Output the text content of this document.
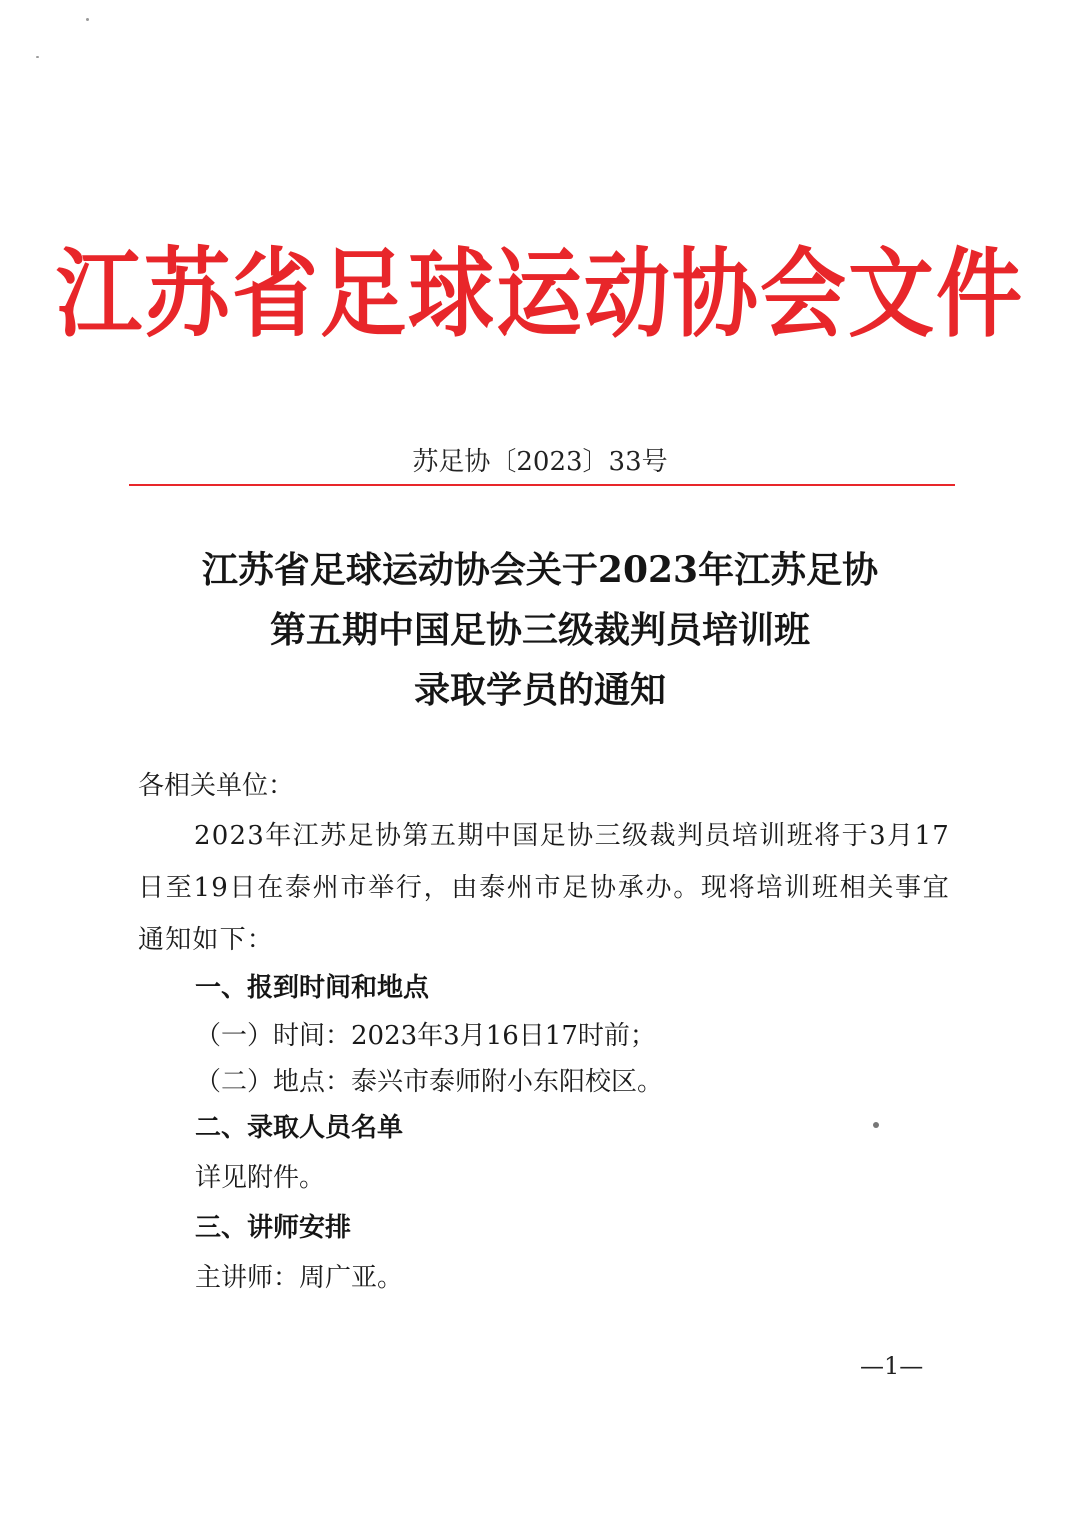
江苏省足球运动协会文件
苏足协〔2023〕33号
江苏省足球运动协会关于2023年江苏足协
第五期中国足协三级裁判员培训班
录取学员的通知
各相关单位：
2023年江苏足协第五期中国足协三级裁判员培训班将于3月17日至19日在泰州市举行，由泰州市足协承办。现将培训班相关事宜通知如下：
一、报到时间和地点
（一）时间：2023年3月16日17时前；
（二）地点：泰兴市泰师附小东阳校区。
二、录取人员名单
详见附件。
三、讲师安排
主讲师：周广亚。
—1—
